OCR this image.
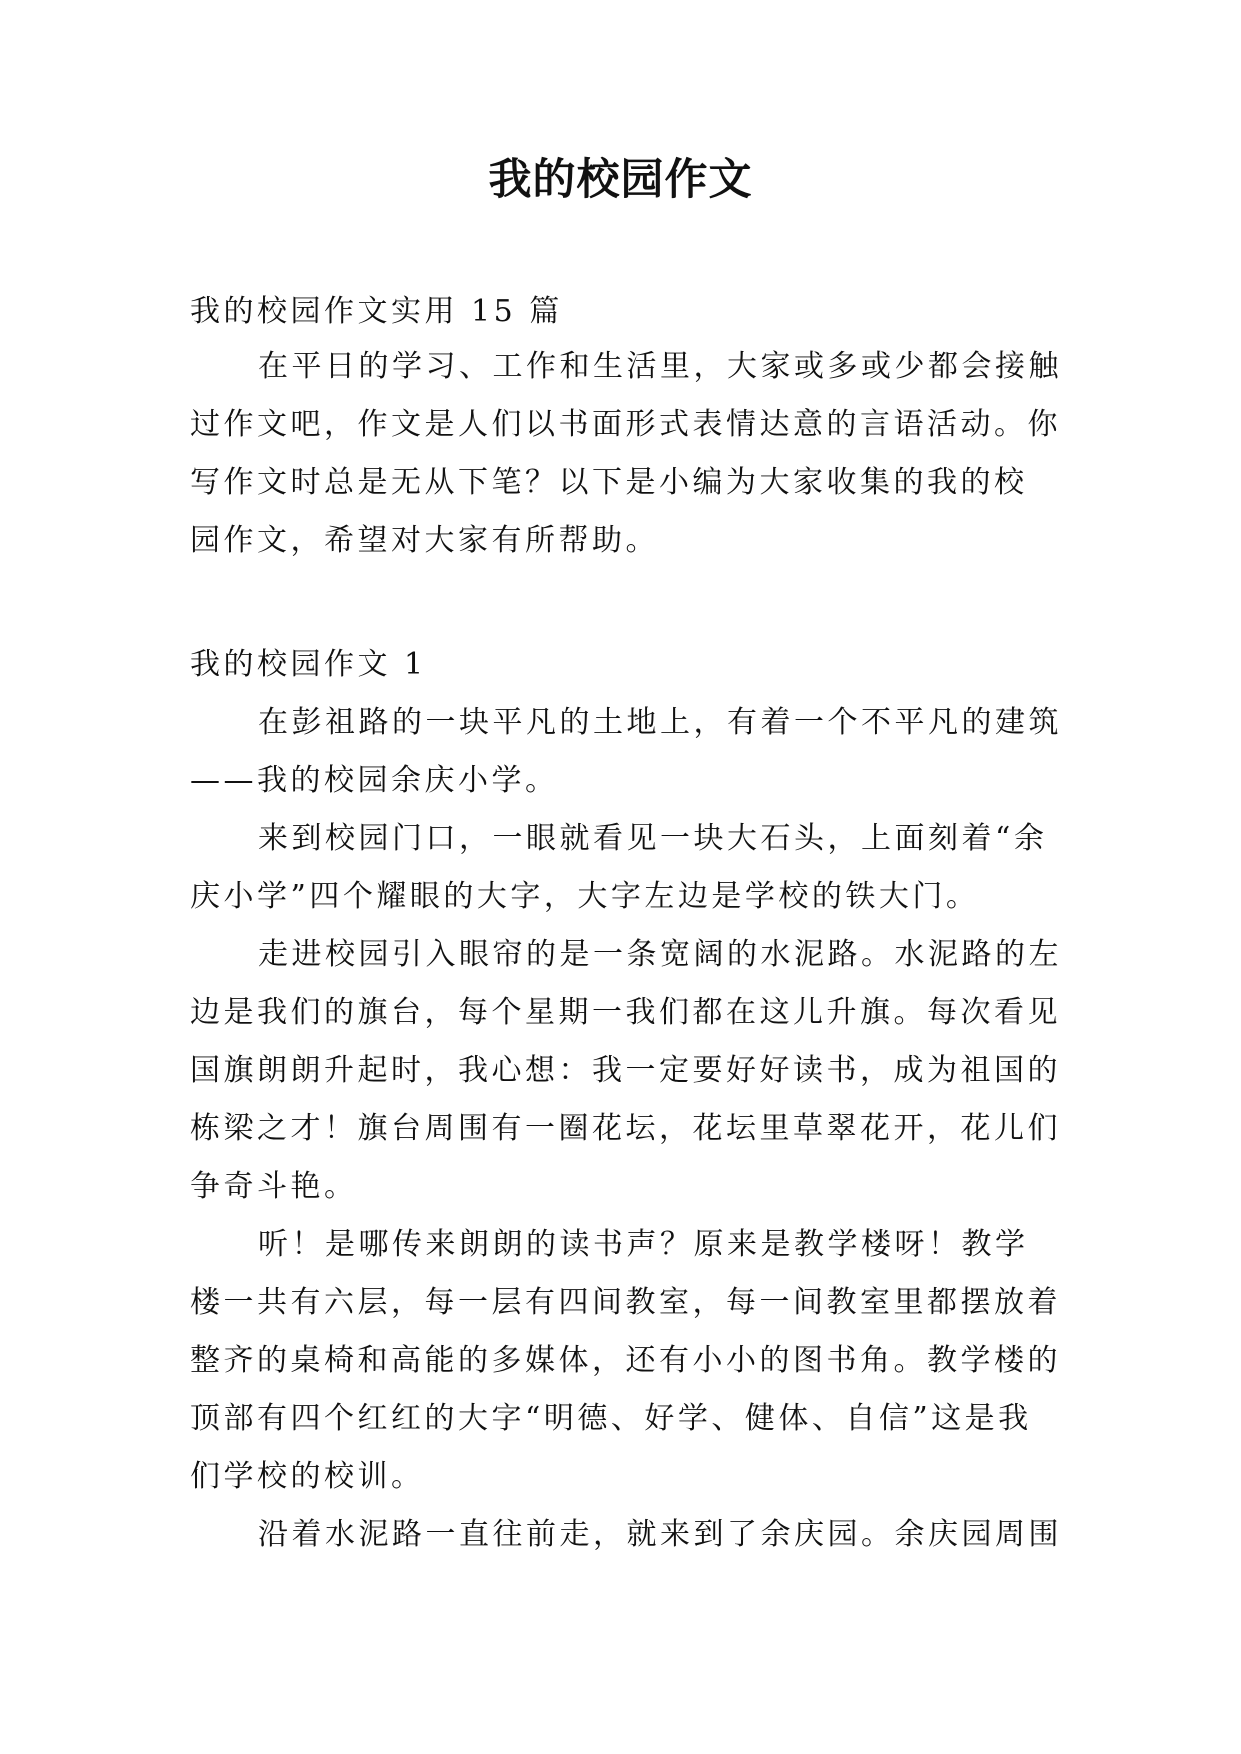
我的校园作文
我的校园作文实用 15 篇
在平日的学习、工作和生活里，大家或多或少都会接触
过作文吧，作文是人们以书面形式表情达意的言语活动。你
写作文时总是无从下笔？以下是小编为大家收集的我的校
园作文，希望对大家有所帮助。
我的校园作文 1
在彭祖路的一块平凡的土地上，有着一个不平凡的建筑
——我的校园余庆小学。
来到校园门口，一眼就看见一块大石头，上面刻着“余
庆小学”四个耀眼的大字，大字左边是学校的铁大门。
走进校园引入眼帘的是一条宽阔的水泥路。水泥路的左
边是我们的旗台，每个星期一我们都在这儿升旗。每次看见
国旗朗朗升起时，我心想：我一定要好好读书，成为祖国的
栋梁之才！旗台周围有一圈花坛，花坛里草翠花开，花儿们
争奇斗艳。
听！是哪传来朗朗的读书声？原来是教学楼呀！教学
楼一共有六层，每一层有四间教室，每一间教室里都摆放着
整齐的桌椅和高能的多媒体，还有小小的图书角。教学楼的
顶部有四个红红的大字“明德、好学、健体、自信”这是我
们学校的校训。
沿着水泥路一直往前走，就来到了余庆园。余庆园周围
